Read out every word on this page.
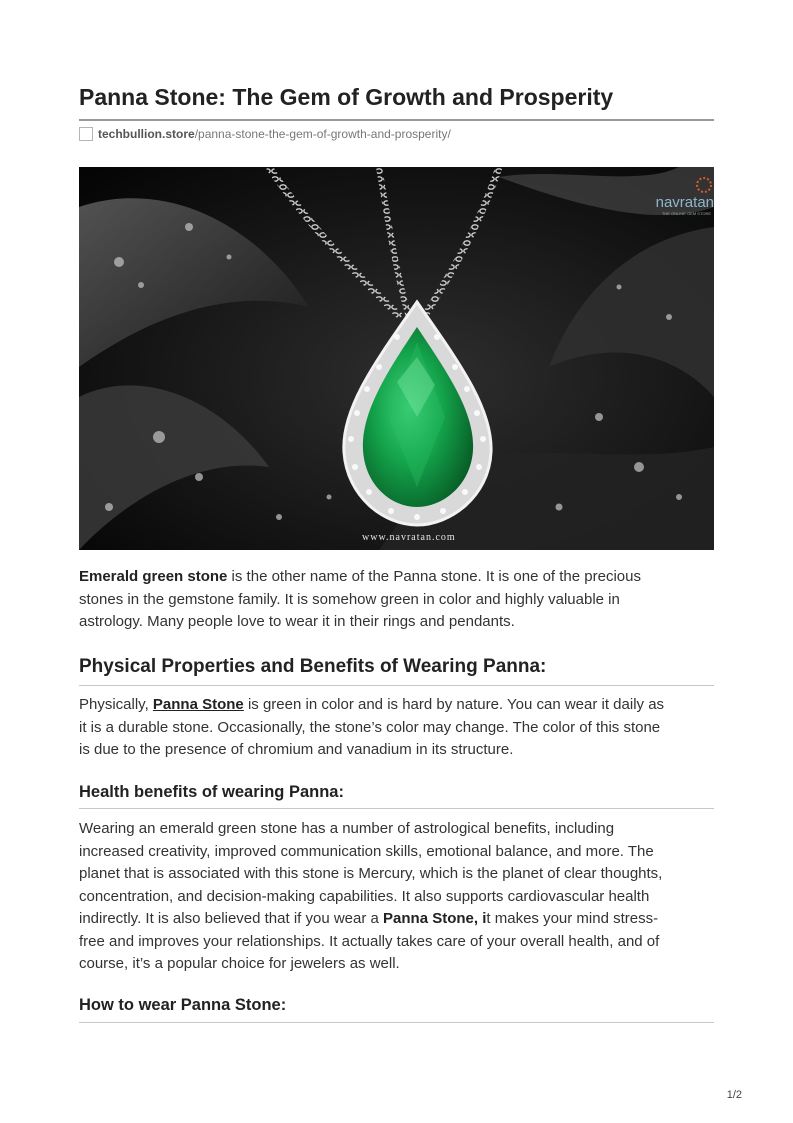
Panna Stone: The Gem of Growth and Prosperity
techbullion.store /panna-stone-the-gem-of-growth-and-prosperity/
navratan
THE ONLINE GEM STORE
www.navratan.com

Emerald green stone is the other name of the Panna stone. It is one of the precious

stones in the gemstone family. It is somehow green in color and highly valuable in

astrology. Many people love to wear it in their rings and pendants.

Physical Properties and Benefits of Wearing Panna:

Physically, Panna Stone is green in color and is hard by nature. You can wear it daily as

it is a durable stone. Occasionally, the stone’s color may change. The color of this stone

is due to the presence of chromium and vanadium in its structure.

Health benefits of wearing Panna:

Wearing an emerald green stone has a number of astrological benefits, including

increased creativity, improved communication skills, emotional balance, and more. The

planet that is associated with this stone is Mercury, which is the planet of clear thoughts,

concentration, and decision-making capabilities. It also supports cardiovascular health

indirectly. It is also believed that if you wear a Panna Stone, it makes your mind stress-

free and improves your relationships. It actually takes care of your overall health, and of

course, it’s a popular choice for jewelers as well.

How to wear Panna Stone:
1/2
